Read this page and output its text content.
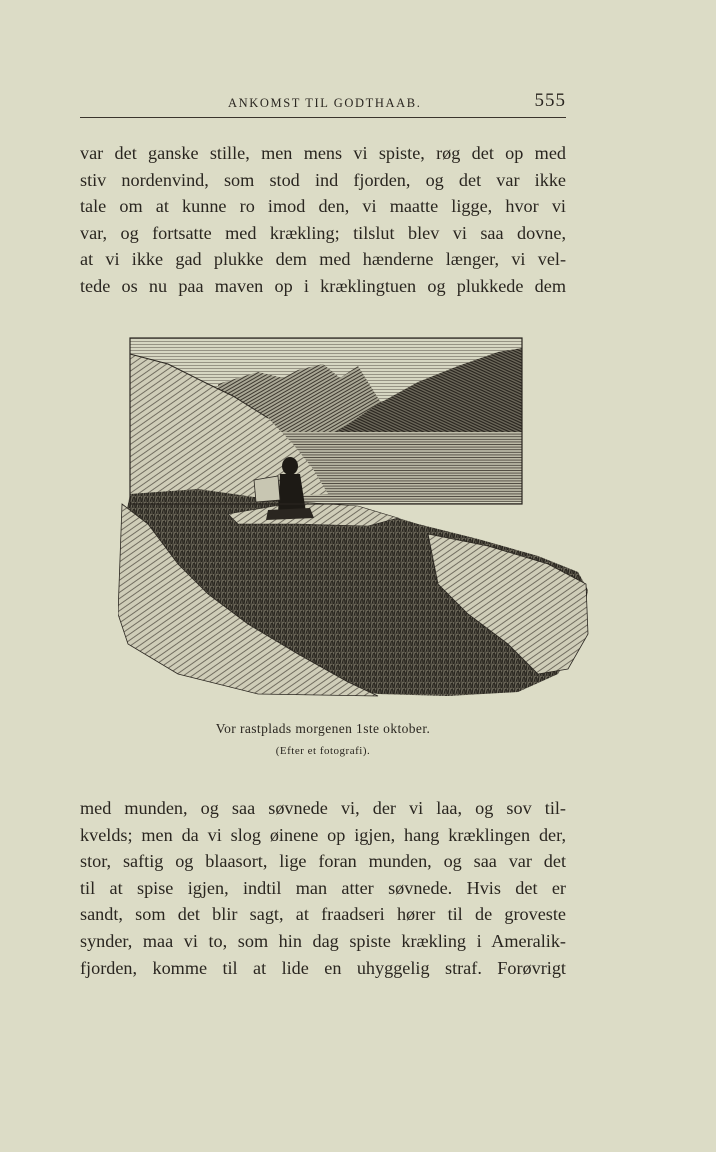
ANKOMST TIL GODTHAAB.	555
var det ganske stille, men mens vi spiste, røg det op med
stiv nordenvind, som stod ind fjorden, og det var ikke
tale om at kunne ro imod den, vi maatte ligge, hvor vi
var, og fortsatte med krækling; tilslut blev vi saa dovne,
at vi ikke gad plukke dem med hænderne længer, vi vel-
tede os nu paa maven op i kræklingtuen og plukkede dem
Vor rastplads morgenen 1ste oktober.
(Efter et fotografi).
med munden, og saa søvnede vi, der vi laa, og sov til-
kvelds; men da vi slog øinene op igjen, hang kræklingen der,
stor, saftig og blaasort, lige foran munden, og saa var det
til at spise igjen, indtil man atter søvnede. Hvis det er
sandt, som det blir sagt, at fraadseri hører til de groveste
synder, maa vi to, som hin dag spiste krækling i Ameralik-
fjorden, komme til at lide en uhyggelig straf. Forøvrigt
